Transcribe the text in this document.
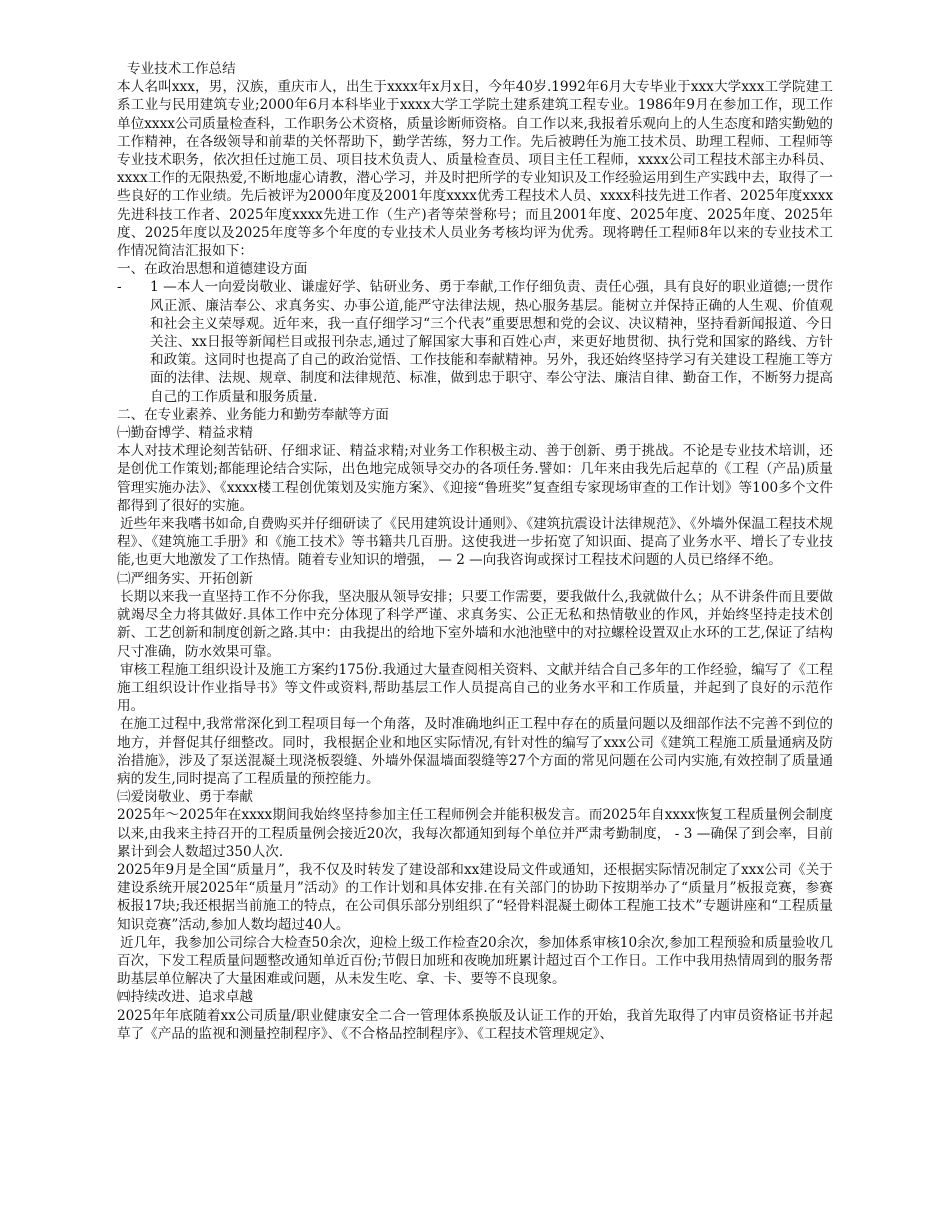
专业技术工作总结

本人名叫xxx，男，汉族，重庆市人，出生于xxxx年x月x日，今年40岁.1992年6月大专毕业于xxx大学xxx工学院建工系工业与民用建筑专业;2000年6月本科毕业于xxxx大学工学院土建系建筑工程专业。1986年9月在参加工作，现工作单位xxxx公司质量检查科，工作职务公术资格，质量诊断师资格。自工作以来,我报着乐观向上的人生态度和踏实勤勉的工作精神，在各级领导和前辈的关怀帮助下，勤学苦练，努力工作。先后被聘任为施工技术员、助理工程师、工程师等专业技术职务，依次担任过施工员、项目技术负责人、质量检查员、项目主任工程师，xxxx公司工程技术部主办科员、xxxx工作的无限热爱,不断地虚心请教，潜心学习，并及时把所学的专业知识及工作经验运用到生产实践中去，取得了一些良好的工作业绩。先后被评为2000年度及2001年度xxxx优秀工程技术人员、xxxx科技先进工作者、2025年度xxxx先进科技工作者、2025年度xxxx先进工作（生产)者等荣誉称号；而且2001年度、2025年度、2025年度、2025年度、2025年度以及2025年度等多个年度的专业技术人员业务考核均评为优秀。现将聘任工程师8年以来的专业技术工作情况简洁汇报如下：

一、在政治思想和道德建设方面

- 1 —本人一向爱岗敬业、谦虚好学、钻研业务、勇于奉献,工作仔细负责、责任心强，具有良好的职业道德;一贯作风正派、廉洁奉公、求真务实、办事公道,能严守法律法规，热心服务基层。能树立并保持正确的人生观、价值观和社会主义荣辱观。近年来，我一直仔细学习“三个代表”重要思想和党的会议、决议精神，坚持看新闻报道、今日关注、xx日报等新闻栏目或报刊杂志,通过了解国家大事和百姓心声，来更好地贯彻、执行党和国家的路线、方针和政策。这同时也提高了自己的政治觉悟、工作技能和奉献精神。另外，我还始终坚持学习有关建设工程施工等方面的法律、法规、规章、制度和法律规范、标准，做到忠于职守、奉公守法、廉洁自律、勤奋工作，不断努力提高自己的工作质量和服务质量.

二、在专业素养、业务能力和勤劳奉献等方面
㈠勤奋博学、精益求精

本人对技术理论刻苦钻研、仔细求证、精益求精;对业务工作积极主动、善于创新、勇于挑战。不论是专业技术培训，还是创优工作策划;都能理论结合实际，出色地完成领导交办的各项任务.譬如：几年来由我先后起草的《工程（产品)质量管理实施办法》、《xxxx楼工程创优策划及实施方案》、《迎接“鲁班奖”复查组专家现场审查的工作计划》等100多个文件都得到了很好的实施。

近些年来我嗜书如命,自费购买并仔细研读了《民用建筑设计通则》、《建筑抗震设计法律规范》、《外墙外保温工程技术规程》、《建筑施工手册》和《施工技术》等书籍共几百册。这使我进一步拓宽了知识面、提高了业务水平、增长了专业技能,也更大地激发了工作热情。随着专业知识的增强， — 2 —向我咨询或探讨工程技术问题的人员已络绎不绝。

㈡严细务实、开拓创新

长期以来我一直坚持工作不分你我，坚决服从领导安排；只要工作需要，要我做什么,我就做什么；从不讲条件而且要做就竭尽全力将其做好.具体工作中充分体现了科学严谨、求真务实、公正无私和热情敬业的作风，并始终坚持走技术创新、工艺创新和制度创新之路.其中：由我提出的给地下室外墙和水池池壁中的对拉螺栓设置双止水环的工艺,保证了结构尺寸准确，防水效果可靠。

审核工程施工组织设计及施工方案约175份.我通过大量查阅相关资料、文献并结合自己多年的工作经验，编写了《工程施工组织设计作业指导书》等文件或资料,帮助基层工作人员提高自己的业务水平和工作质量，并起到了良好的示范作用。

在施工过程中,我常常深化到工程项目每一个角落，及时准确地纠正工程中存在的质量问题以及细部作法不完善不到位的地方，并督促其仔细整改。同时，我根据企业和地区实际情况,有针对性的编写了xxx公司《建筑工程施工质量通病及防治措施》，涉及了泵送混凝土现浇板裂缝、外墙外保温墙面裂缝等27个方面的常见问题在公司内实施,有效控制了质量通病的发生,同时提高了工程质量的预控能力。

㈢爱岗敬业、勇于奉献

2025年～2025年在xxxx期间我始终坚持参加主任工程师例会并能积极发言。而2025年自xxxx恢复工程质量例会制度以来,由我来主持召开的工程质量例会接近20次，我每次都通知到每个单位并严肃考勤制度， - 3 —确保了到会率，目前累计到会人数超过350人次.

2025年9月是全国“质量月”，我不仅及时转发了建设部和xx建设局文件或通知，还根据实际情况制定了xxx公司《关于建设系统开展2025年“质量月”活动》的工作计划和具体安排.在有关部门的协助下按期举办了“质量月”板报竞赛，参赛板报17块;我还根据当前施工的特点，在公司俱乐部分别组织了“轻骨料混凝土砌体工程施工技术”专题讲座和“工程质量知识竞赛”活动,参加人数均超过40人。

近几年，我参加公司综合大检查50余次，迎检上级工作检查20余次，参加体系审核10余次,参加工程预验和质量验收几百次，下发工程质量问题整改通知单近百份;节假日加班和夜晚加班累计超过百个工作日。工作中我用热情周到的服务帮助基层单位解决了大量困难或问题，从未发生吃、拿、卡、要等不良现象。

㈣持续改进、追求卓越

2025年年底随着xx公司质量/职业健康安全二合一管理体系换版及认证工作的开始，我首先取得了内审员资格证书并起草了《产品的监视和测量控制程序》、《不合格品控制程序》、《工程技术管理规定》、
